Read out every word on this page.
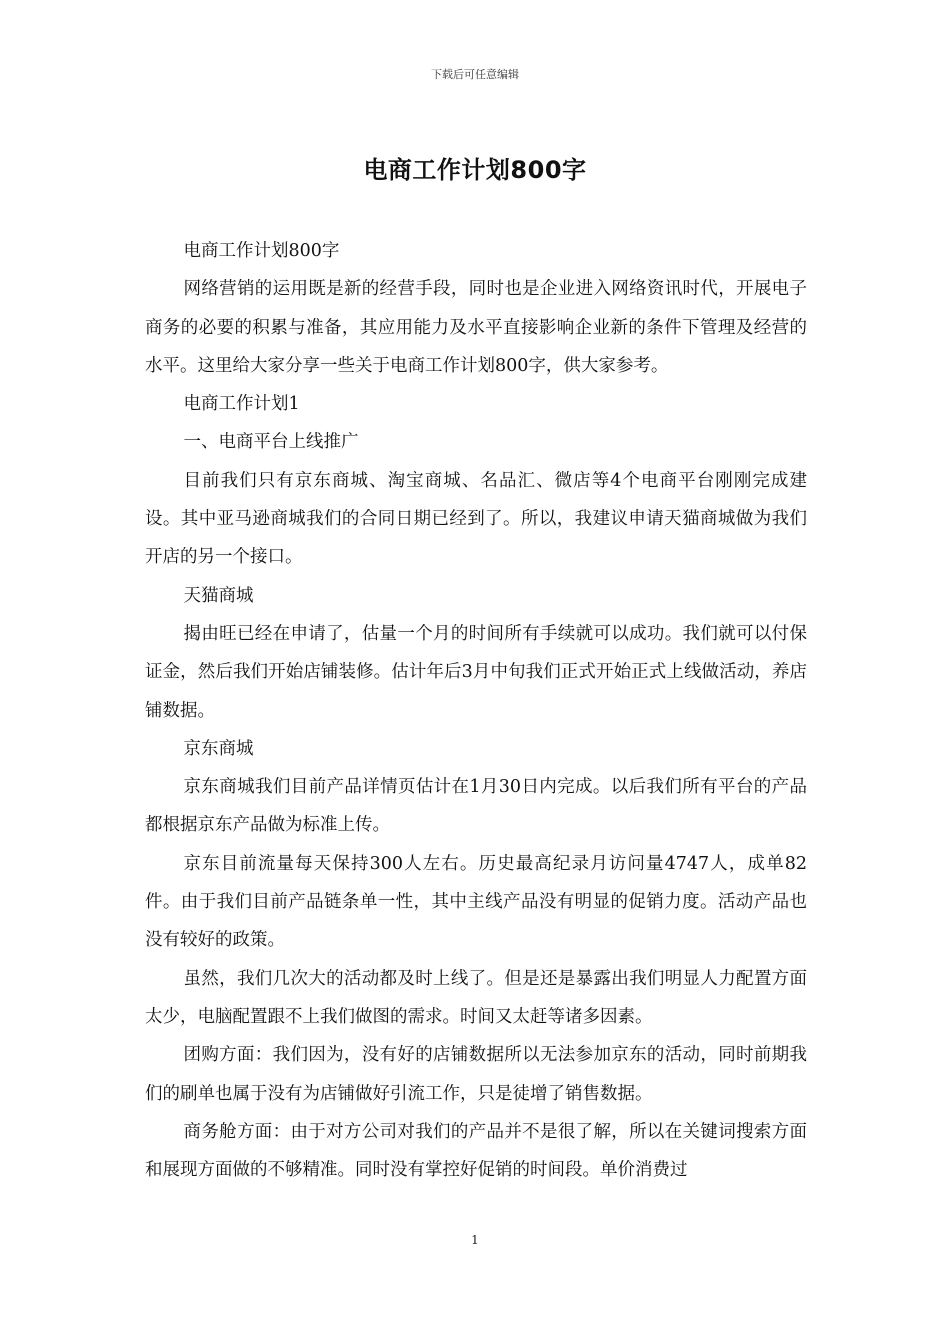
下载后可任意编辑
电商工作计划800字

电商工作计划800字

网络营销的运用既是新的经营手段，同时也是企业进入网络资讯时代，开展电子商务的必要的积累与准备，其应用能力及水平直接影响企业新的条件下管理及经营的水平。这里给大家分享一些关于电商工作计划800字，供大家参考。

电商工作计划1

一、电商平台上线推广

目前我们只有京东商城、淘宝商城、名品汇、微店等4个电商平台刚刚完成建设。其中亚马逊商城我们的合同日期已经到了。所以，我建议申请天猫商城做为我们开店的另一个接口。

天猫商城

揭由旺已经在申请了，估量一个月的时间所有手续就可以成功。我们就可以付保证金，然后我们开始店铺装修。估计年后3月中旬我们正式开始正式上线做活动，养店铺数据。

京东商城

京东商城我们目前产品详情页估计在1月30日内完成。以后我们所有平台的产品都根据京东产品做为标准上传。

京东目前流量每天保持300人左右。历史最高纪录月访问量4747人，成单82件。由于我们目前产品链条单一性，其中主线产品没有明显的促销力度。活动产品也没有较好的政策。

虽然，我们几次大的活动都及时上线了。但是还是暴露出我们明显人力配置方面太少，电脑配置跟不上我们做图的需求。时间又太赶等诸多因素。

团购方面：我们因为，没有好的店铺数据所以无法参加京东的活动，同时前期我们的刷单也属于没有为店铺做好引流工作，只是徒增了销售数据。

商务舱方面：由于对方公司对我们的产品并不是很了解，所以在关键词搜索方面和展现方面做的不够精准。同时没有掌控好促销的时间段。单价消费过

1
